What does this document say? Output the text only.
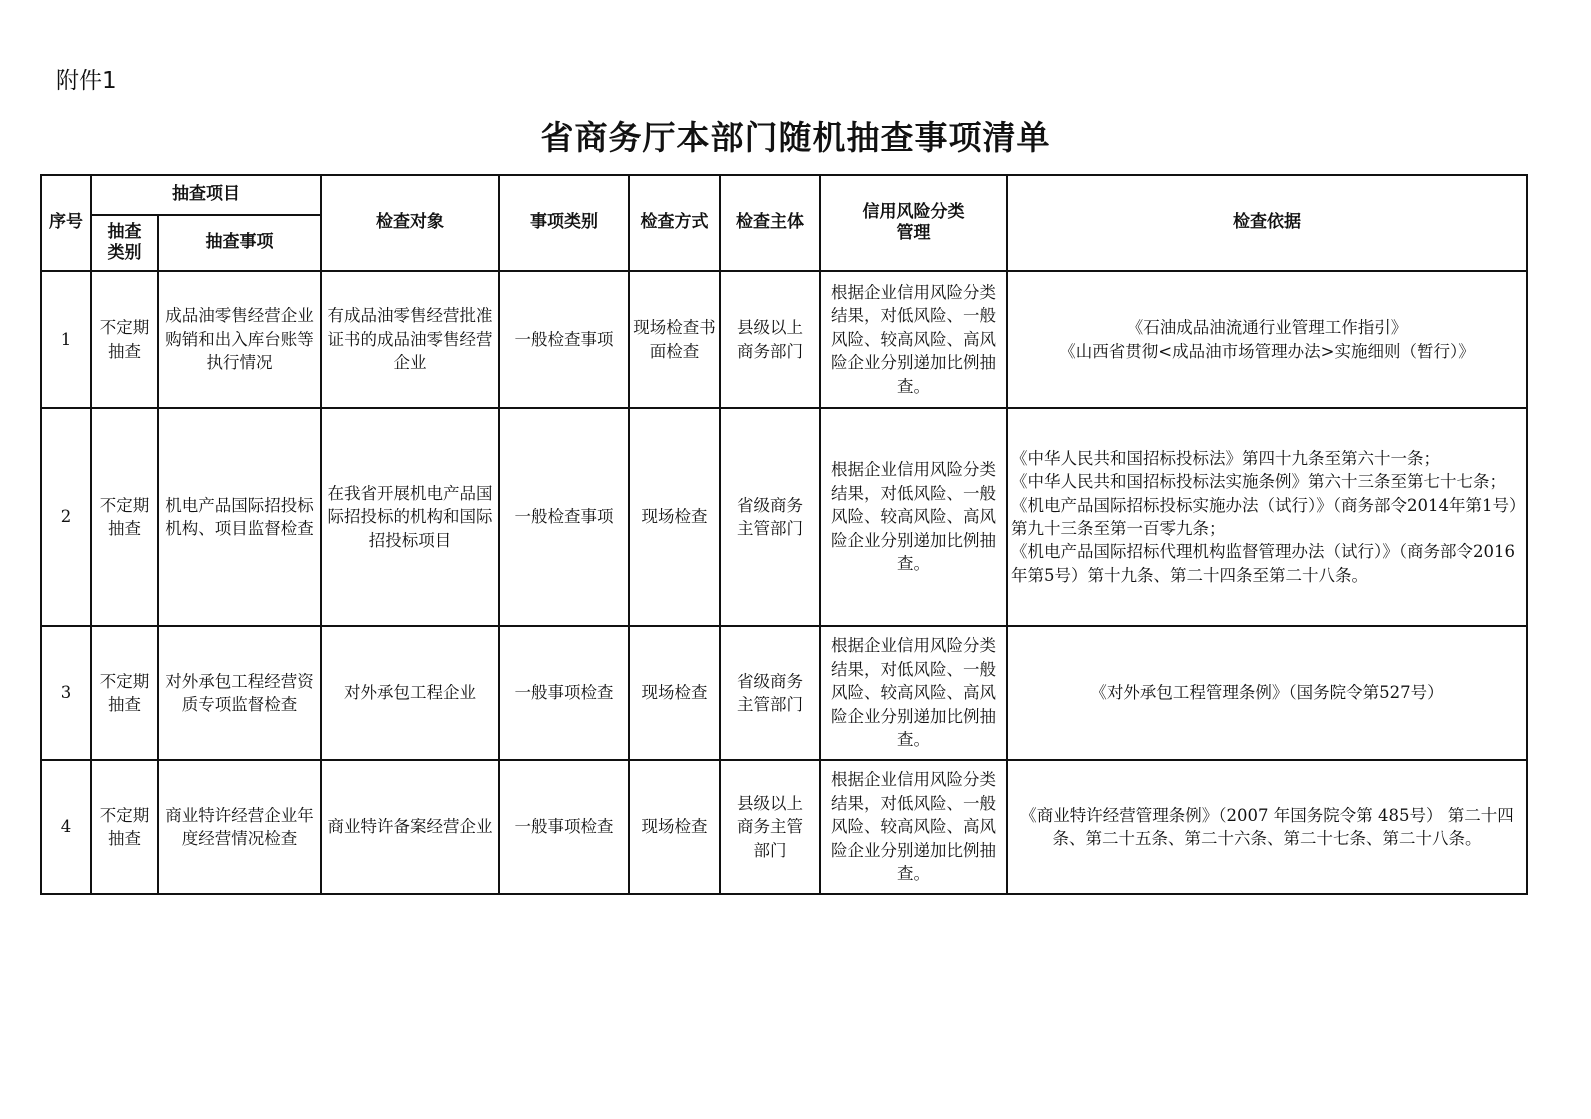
附件1
省商务厅本部门随机抽查事项清单
序号	抽查项目		检查对象	事项类别	检查方式	检查主体	信用风险分类管理	检查依据
	抽查类别	抽查事项						
1	不定期抽查	成品油零售经营企业购销和出入库台账等执行情况	有成品油零售经营批准证书的成品油零售经营企业	一般检查事项	现场检查书面检查	县级以上商务部门	根据企业信用风险分类结果，对低风险、一般风险、较高风险、高风险企业分别递加比例抽查。	《石油成品油流通行业管理工作指引》
《山西省贯彻<成品油市场管理办法>实施细则（暂行）》

2	不定期抽查	机电产品国际招投标机构、项目监督检查	在我省开展机电产品国际招投标的机构和国际招投标项目	一般检查事项	现场检查	省级商务主管部门	根据企业信用风险分类结果，对低风险、一般风险、较高风险、高风险企业分别递加比例抽查。	《中华人民共和国招标投标法》第四十九条至第六十一条；
《中华人民共和国招标投标法实施条例》第六十三条至第七十七条；
《机电产品国际招标投标实施办法（试行）》（商务部令2014年第1号）第九十三条至第一百零九条；
《机电产品国际招标代理机构监督管理办法（试行）》（商务部令2016年第5号）第十九条、第二十四条至第二十八条。

3	不定期抽查	对外承包工程经营资质专项监督检查	对外承包工程企业	一般事项检查	现场检查	省级商务主管部门	根据企业信用风险分类结果，对低风险、一般风险、较高风险、高风险企业分别递加比例抽查。	《对外承包工程管理条例》（国务院令第527号）

4	不定期抽查	商业特许经营企业年度经营情况检查	商业特许备案经营企业	一般事项检查	现场检查	县级以上商务主管部门	根据企业信用风险分类结果，对低风险、一般风险、较高风险、高风险企业分别递加比例抽查。	《商业特许经营管理条例》（2007 年国务院令第 485号） 第二十四条、第二十五条、第二十六条、第二十七条、第二十八条。
